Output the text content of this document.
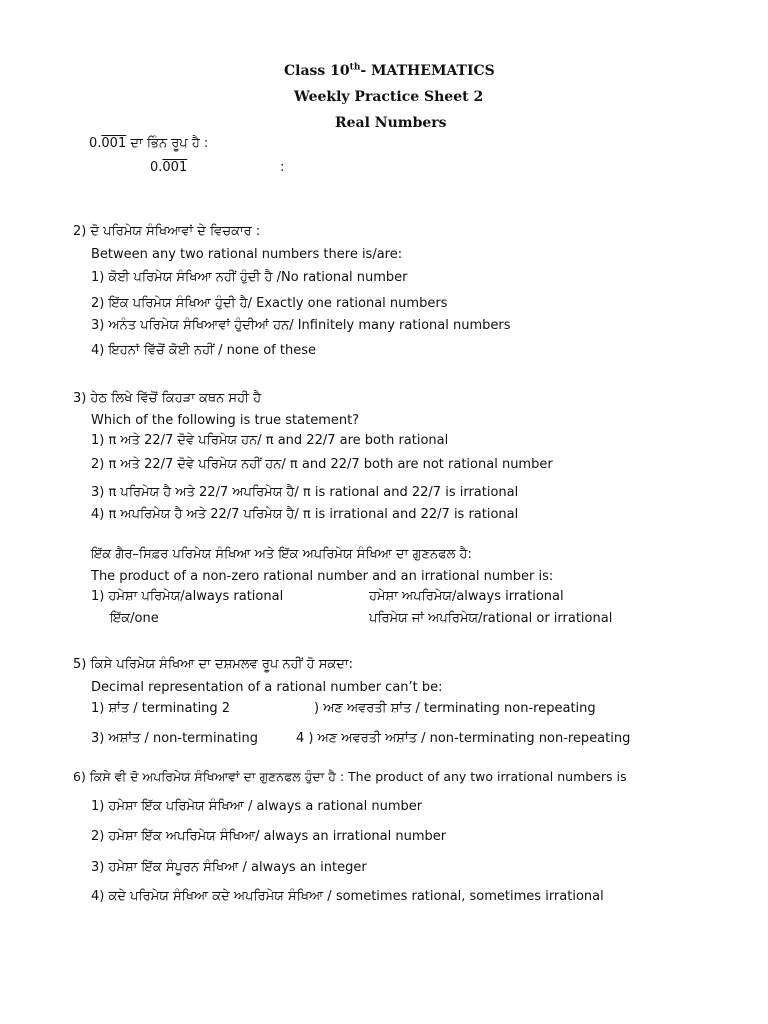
Class 10th- MATHEMATICS
Weekly Practice Sheet 2
Real Numbers
0.001 ਦਾ ਭਿੰਨ ਰੂਪ ਹੈ :
0.001	:
2) ਦੋ ਪਰਿਮੇਯ ਸੰਖਿਆਵਾਂ ਦੇ ਵਿਚਕਾਰ :
Between any two rational numbers there is/are:
1) ਕੋਈ ਪਰਿਮੇਯ ਸੰਖਿਆ ਨਹੀਂ ਹੁੰਦੀ ਹੈ /No rational number
2) ਇੱਕ ਪਰਿਮੇਯ ਸੰਖਿਆ ਹੁੰਦੀ ਹੈ/ Exactly one rational numbers
3) ਅਨੰਤ ਪਰਿਮੇਯ ਸੰਖਿਆਵਾਂ ਹੁੰਦੀਆਂ ਹਨ/ Infinitely many rational numbers
4) ਇਹਨਾਂ ਵਿੱਚੋਂ ਕੋਈ ਨਹੀਂ / none of these
3) ਹੇਠ ਲਿਖੇ ਵਿੱਚੋਂ ਕਿਹੜਾ ਕਥਨ ਸਹੀ ਹੈ
Which of the following is true statement?
1) π ਅਤੇ 22/7 ਦੋਵੇ ਪਰਿਮੇਯ ਹਨ/ π and 22/7 are both rational
2) π ਅਤੇ 22/7 ਦੋਵੇ ਪਰਿਮੇਯ ਨਹੀਂ ਹਨ/ π and 22/7 both are not rational number
3) π ਪਰਿਮੇਯ ਹੈ ਅਤੇ 22/7 ਅਪਰਿਮੇਯ ਹੈ/ π is rational and 22/7 is irrational
4) π ਅਪਰਿਮੇਯ ਹੈ ਅਤੇ 22/7 ਪਰਿਮੇਯ ਹੈ/ π is irrational and 22/7 is rational
ਇੱਕ ਗੈਰ–ਸਿਫ਼ਰ ਪਰਿਮੇਯ ਸੰਖਿਆ ਅਤੇ ਇੱਕ ਅਪਰਿਮੇਯ ਸੰਖਿਆ ਦਾ ਗੁਣਨਫਲ ਹੈ:
The product of a non-zero rational number and an irrational number is:
1) ਹਮੇਸ਼ਾ ਪਰਿਮੇਯ/always rational	ਹਮੇਸ਼ਾ ਅਪਰਿਮੇਯ/always irrational
ਇੱਕ/one	ਪਰਿਮੇਯ ਜਾਂ ਅਪਰਿਮੇਯ/rational or irrational
5) ਕਿਸੇ ਪਰਿਮੇਯ ਸੰਖਿਆ ਦਾ ਦਸ਼ਮਲਵ ਰੂਪ ਨਹੀਂ ਹੋ ਸਕਦਾ:
Decimal representation of a rational number can’t be:
1) ਸ਼ਾਂਤ / terminating 2	) ਅਣ ਅਵਰਤੀ ਸ਼ਾਂਤ / terminating non-repeating
3) ਅਸ਼ਾਂਤ / non-terminating	4 ) ਅਣ ਅਵਰਤੀ ਅਸ਼ਾਂਤ / non-terminating non-repeating
6) ਕਿਸੇ ਵੀ ਦੋ ਅਪਰਿਮੇਯ ਸੰਖਿਆਵਾਂ ਦਾ ਗੁਣਨਫਲ ਹੁੰਦਾ ਹੈ : The product of any two irrational numbers is
1) ਹਮੇਸ਼ਾ ਇੱਕ ਪਰਿਮੇਯ ਸੰਖਿਆ / always a rational number
2) ਹਮੇਸ਼ਾ ਇੱਕ ਅਪਰਿਮੇਯ ਸੰਖਿਆ/ always an irrational number
3) ਹਮੇਸ਼ਾ ਇੱਕ ਸੰਪੂਰਨ ਸੰਖਿਆ / always an integer
4) ਕਦੇ ਪਰਿਮੇਯ ਸੰਖਿਆ ਕਦੇ ਅਪਰਿਮੇਯ ਸੰਖਿਆ / sometimes rational, sometimes irrational
